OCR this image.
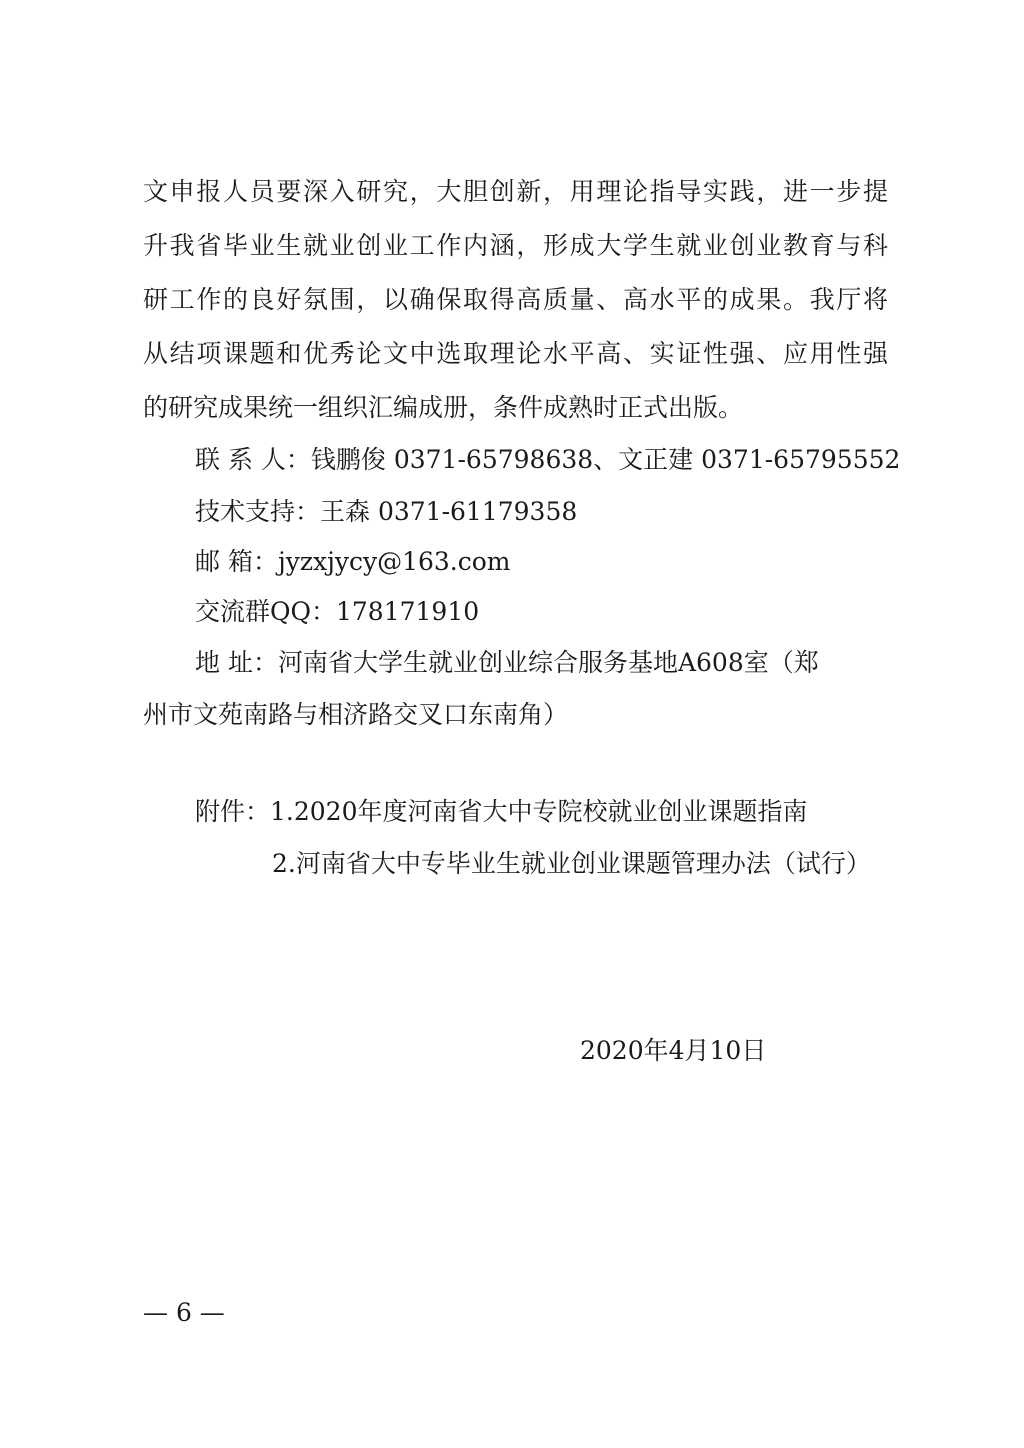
文申报人员要深入研究，大胆创新，用理论指导实践，进一步提
升我省毕业生就业创业工作内涵，形成大学生就业创业教育与科
研工作的良好氛围，以确保取得高质量、高水平的成果。我厅将
从结项课题和优秀论文中选取理论水平高、实证性强、应用性强
的研究成果统一组织汇编成册，条件成熟时正式出版。
联 系 人：钱鹏俊 0371-65798638、文正建 0371-65795552
技术支持：王森 0371-61179358
邮 箱：jyzxjycy@163.com
交流群QQ：178171910
地 址：河南省大学生就业创业综合服务基地A608室（郑
州市文苑南路与相济路交叉口东南角）
附件：1.2020年度河南省大中专院校就业创业课题指南
2.河南省大中专毕业生就业创业课题管理办法（试行）
2020年4月10日
— 6 —
